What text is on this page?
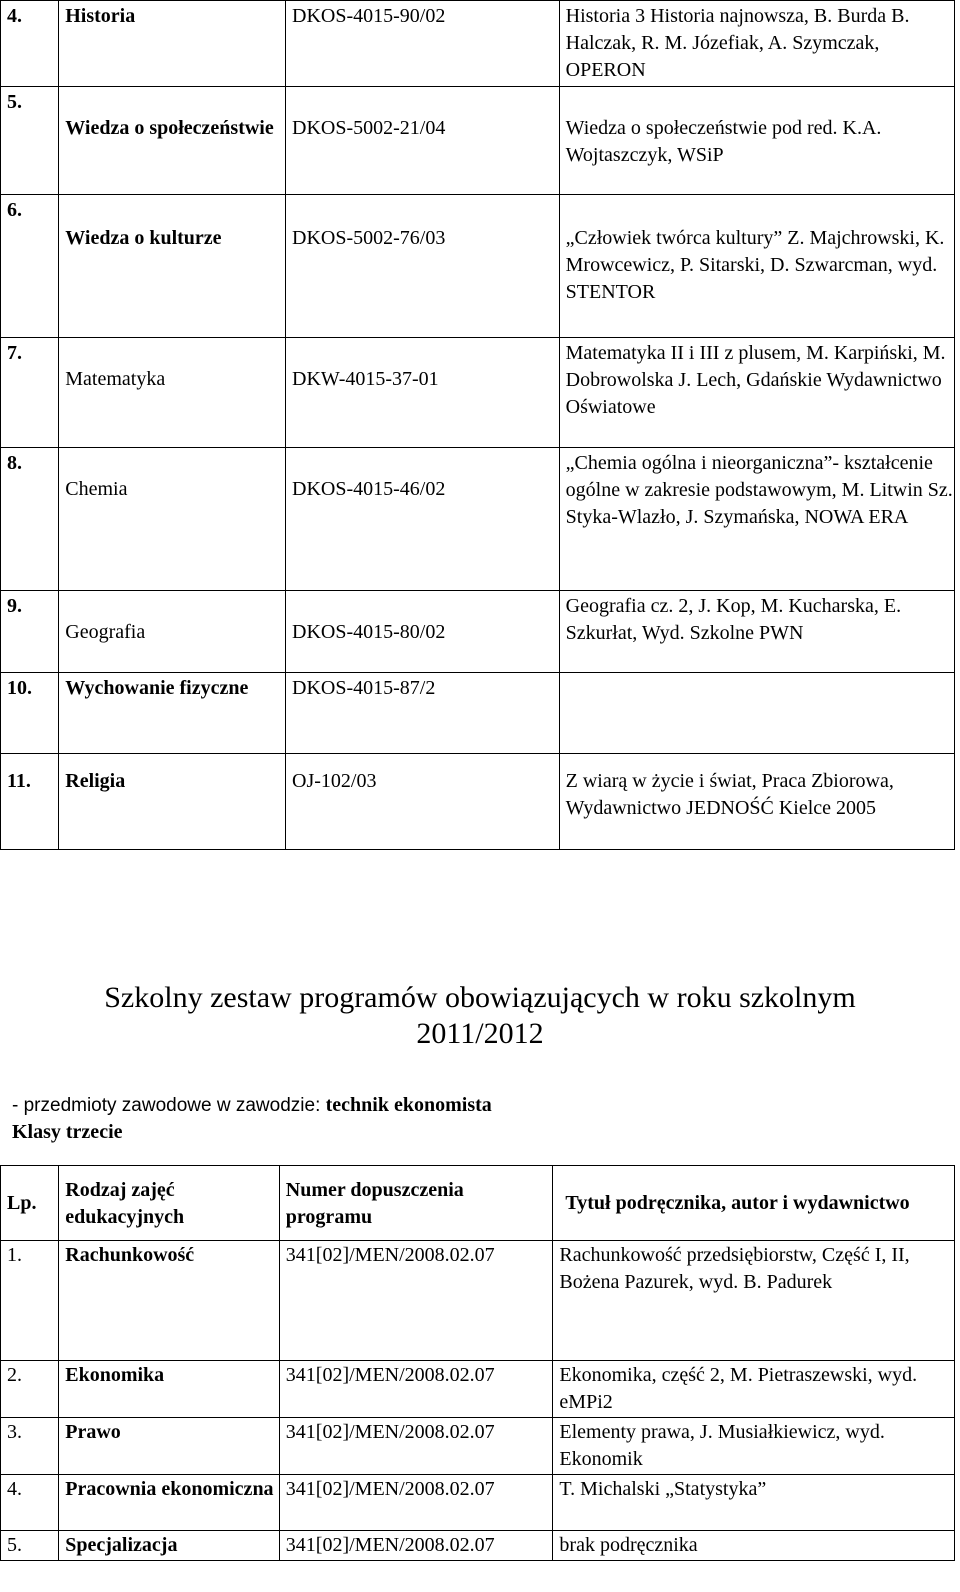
4.	Historia	DKOS-4015-90/02	Historia 3 Historia najnowsza, B. Burda B. Halczak, R. M. Józefiak, A. Szymczak, OPERON
5.	Wiedza o społeczeństwie	DKOS-5002-21/04	Wiedza o społeczeństwie pod red. K.A. Wojtaszczyk, WSiP
6.	Wiedza o kulturze	DKOS-5002-76/03	„Człowiek twórca kultury” Z. Majchrowski, K. Mrowcewicz, P. Sitarski, D. Szwarcman, wyd. STENTOR
7.	Matematyka	DKW-4015-37-01	Matematyka II i III z plusem, M. Karpiński, M. Dobrowolska J. Lech, Gdańskie Wydawnictwo Oświatowe
8.	Chemia	DKOS-4015-46/02	„Chemia ogólna i nieorganiczna”- kształcenie ogólne w zakresie podstawowym, M. Litwin Sz. Styka-Wlazło, J. Szymańska, NOWA ERA
9.	Geografia	DKOS-4015-80/02	Geografia cz. 2, J. Kop, M. Kucharska, E. Szkurłat, Wyd. Szkolne PWN
10.	Wychowanie fizyczne	DKOS-4015-87/2	
11.	Religia	OJ-102/03	Z wiarą w życie i świat, Praca Zbiorowa, Wydawnictwo JEDNOŚĆ Kielce 2005
Szkolny zestaw programów obowiązujących w roku szkolnym
2011/2012
- przedmioty zawodowe w zawodzie: technik ekonomista
Klasy trzecie
Lp.	Rodzaj zajęć edukacyjnych	Numer dopuszczenia programu	Tytuł podręcznika, autor i wydawnictwo
1.	Rachunkowość	341[02]/MEN/2008.02.07	Rachunkowość przedsiębiorstw, Część I, II, Bożena Pazurek, wyd. B. Padurek
2.	Ekonomika	341[02]/MEN/2008.02.07	Ekonomika, część 2, M. Pietraszewski, wyd. eMPi2
3.	Prawo	341[02]/MEN/2008.02.07	Elementy prawa, J. Musiałkiewicz, wyd. Ekonomik
4.	Pracownia ekonomiczna	341[02]/MEN/2008.02.07	T. Michalski „Statystyka”
5.	Specjalizacja	341[02]/MEN/2008.02.07	brak podręcznika
